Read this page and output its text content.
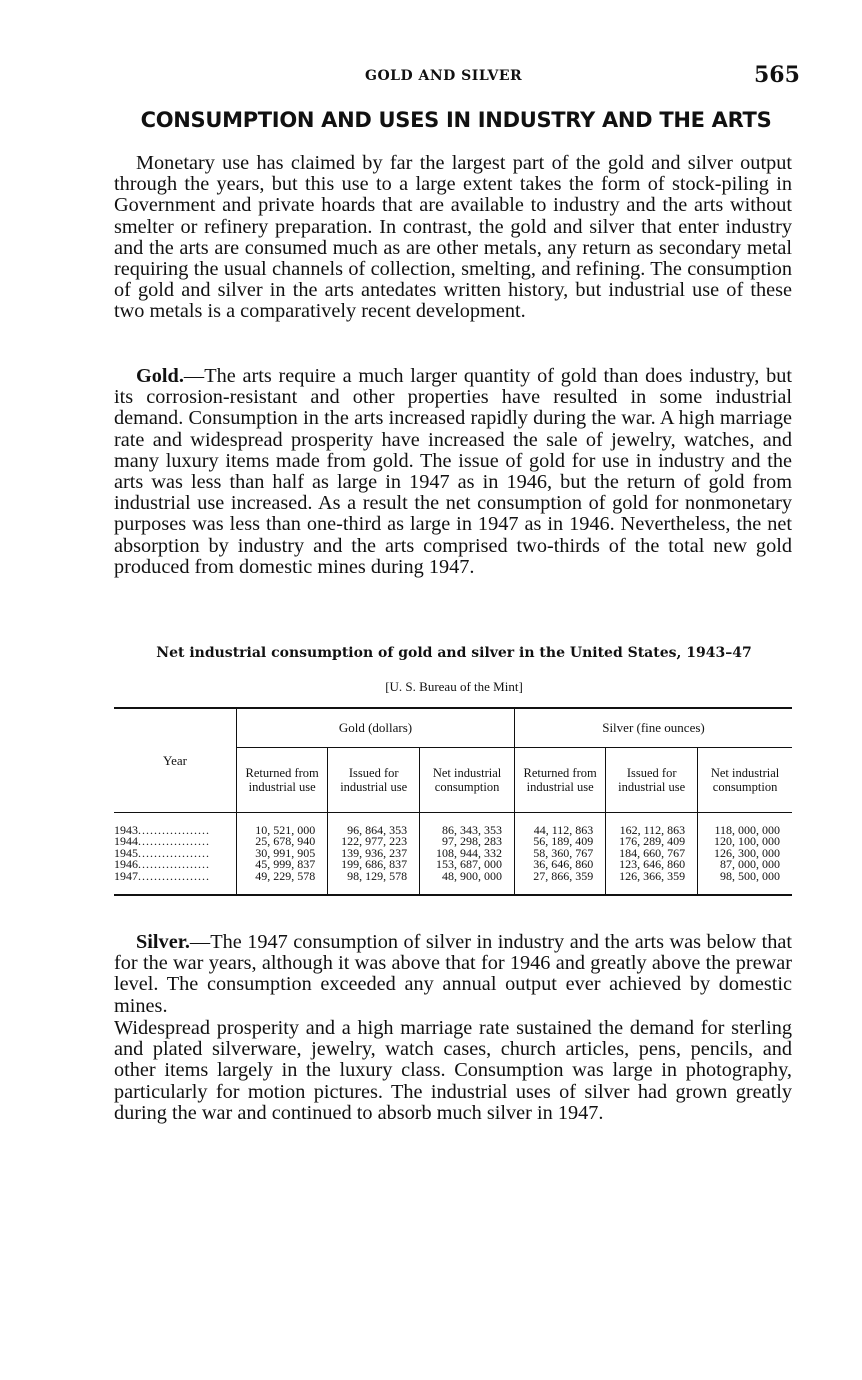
GOLD AND SILVER	565
CONSUMPTION AND USES IN INDUSTRY AND THE ARTS

Monetary use has claimed by far the largest part of the gold and silver output through the years, but this use to a large extent takes the form of stock-piling in Government and private hoards that are available to industry and the arts without smelter or refinery preparation. In contrast, the gold and silver that enter industry and the arts are consumed much as are other metals, any return as secondary metal requiring the usual channels of collection, smelting, and refining. The consumption of gold and silver in the arts antedates written history, but industrial use of these two metals is a comparatively recent development.

Gold.—The arts require a much larger quantity of gold than does industry, but its corrosion-resistant and other properties have resulted in some industrial demand. Consumption in the arts increased rapidly during the war. A high marriage rate and widespread prosperity have increased the sale of jewelry, watches, and many luxury items made from gold. The issue of gold for use in industry and the arts was less than half as large in 1947 as in 1946, but the return of gold from industrial use increased. As a result the net consumption of gold for nonmonetary purposes was less than one-third as large in 1947 as in 1946. Nevertheless, the net absorption by industry and the arts comprised two-thirds of the total new gold produced from domestic mines during 1947.

Net industrial consumption of gold and silver in the United States, 1943–47
[U. S. Bureau of the Mint]
Year	Gold (dollars)			Silver (fine ounces)		
	Returned from industrial use	Issued for industrial use	Net industrial consumption	Returned from industrial use	Issued for industrial use	Net industrial consumption
1943..................	10, 521, 000	96, 864, 353	86, 343, 353	44, 112, 863	162, 112, 863	118, 000, 000
1944..................	25, 678, 940	122, 977, 223	97, 298, 283	56, 189, 409	176, 289, 409	120, 100, 000
1945..................	30, 991, 905	139, 936, 237	108, 944, 332	58, 360, 767	184, 660, 767	126, 300, 000
1946..................	45, 999, 837	199, 686, 837	153, 687, 000	36, 646, 860	123, 646, 860	87, 000, 000
1947..................	49, 229, 578	98, 129, 578	48, 900, 000	27, 866, 359	126, 366, 359	98, 500, 000

Silver.—The 1947 consumption of silver in industry and the arts was below that for the war years, although it was above that for 1946 and greatly above the prewar level. The consumption exceeded any annual output ever achieved by domestic mines.

Widespread prosperity and a high marriage rate sustained the demand for sterling and plated silverware, jewelry, watch cases, church articles, pens, pencils, and other items largely in the luxury class. Consumption was large in photography, particularly for motion pictures. The industrial uses of silver had grown greatly during the war and continued to absorb much silver in 1947.
